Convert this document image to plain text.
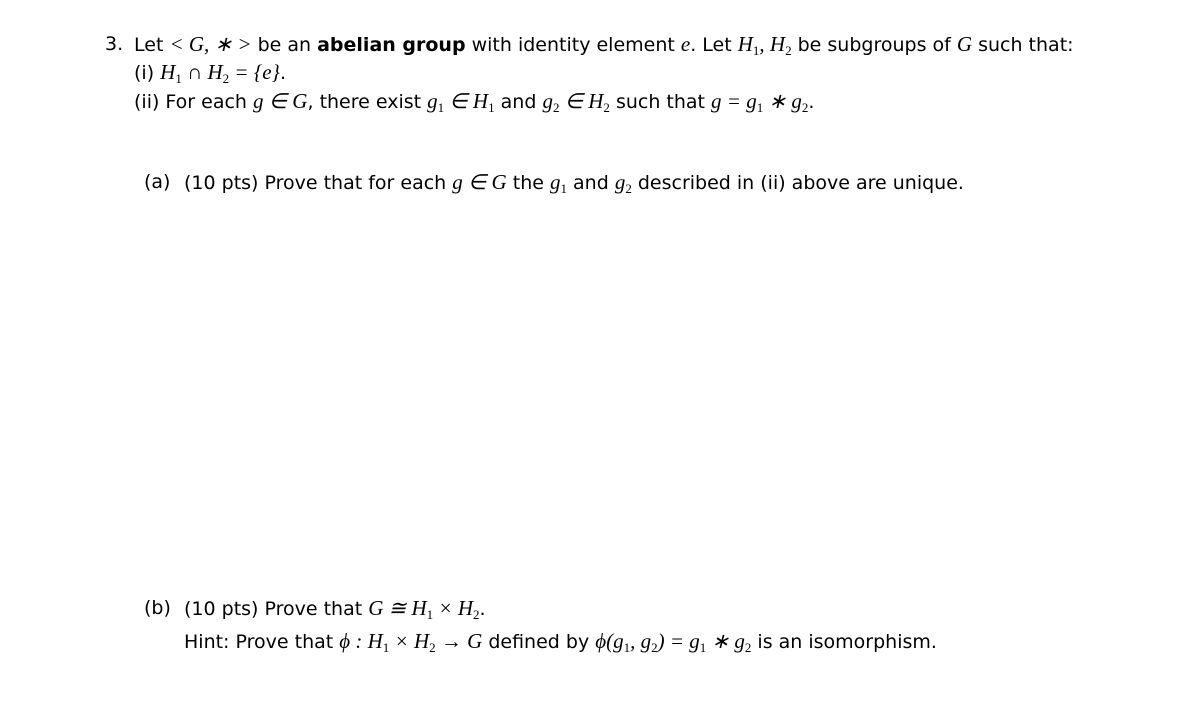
3. Let < G, ∗ > be an abelian group with identity element e. Let $H_1$, $H_2$ be subgroups of G such that:
(i) $H_1$ ∩ $H_2 = \{e\}$.
(ii) For each g ∈ G, there exist $g_1$ ∈ $H_1$ and $g_2$ ∈ $H_2$ such that $g = g_1$ ∗ $g_2$.
(a) (10 pts) Prove that for each g ∈ G the $g_1$ and $g_2$ described in (ii) above are unique.
(b) (10 pts) Prove that G ≅ $H_1 \times H_2$.
Hint: Prove that ϕ : $H_1 \times H_2 \to G$ defined by $\phi(g_1$, $g_2) = g_1$ ∗ $g_2$ is an isomorphism.
